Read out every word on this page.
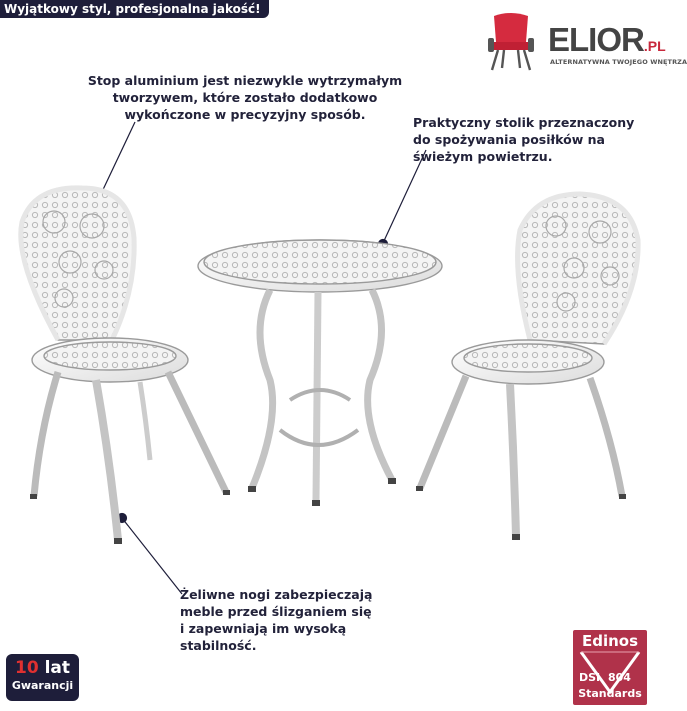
Wyjątkowy styl, profesjonalna jakość!
ELIOR.PL
ALTERNATYWNA TWOJEGO WNĘTRZA
Stop aluminium jest niezwykle wytrzymałym
tworzywem, które zostało dodatkowo
wykończone w precyzyjny sposób.
Praktyczny stolik przeznaczony
do spożywania posiłków na
świeżym powietrzu.
Żeliwne nogi zabezpieczają
meble przed ślizganiem się
i zapewniają im wysoką
stabilność.
10 lat
Gwarancji
Edinos
DSI 804
Standards
